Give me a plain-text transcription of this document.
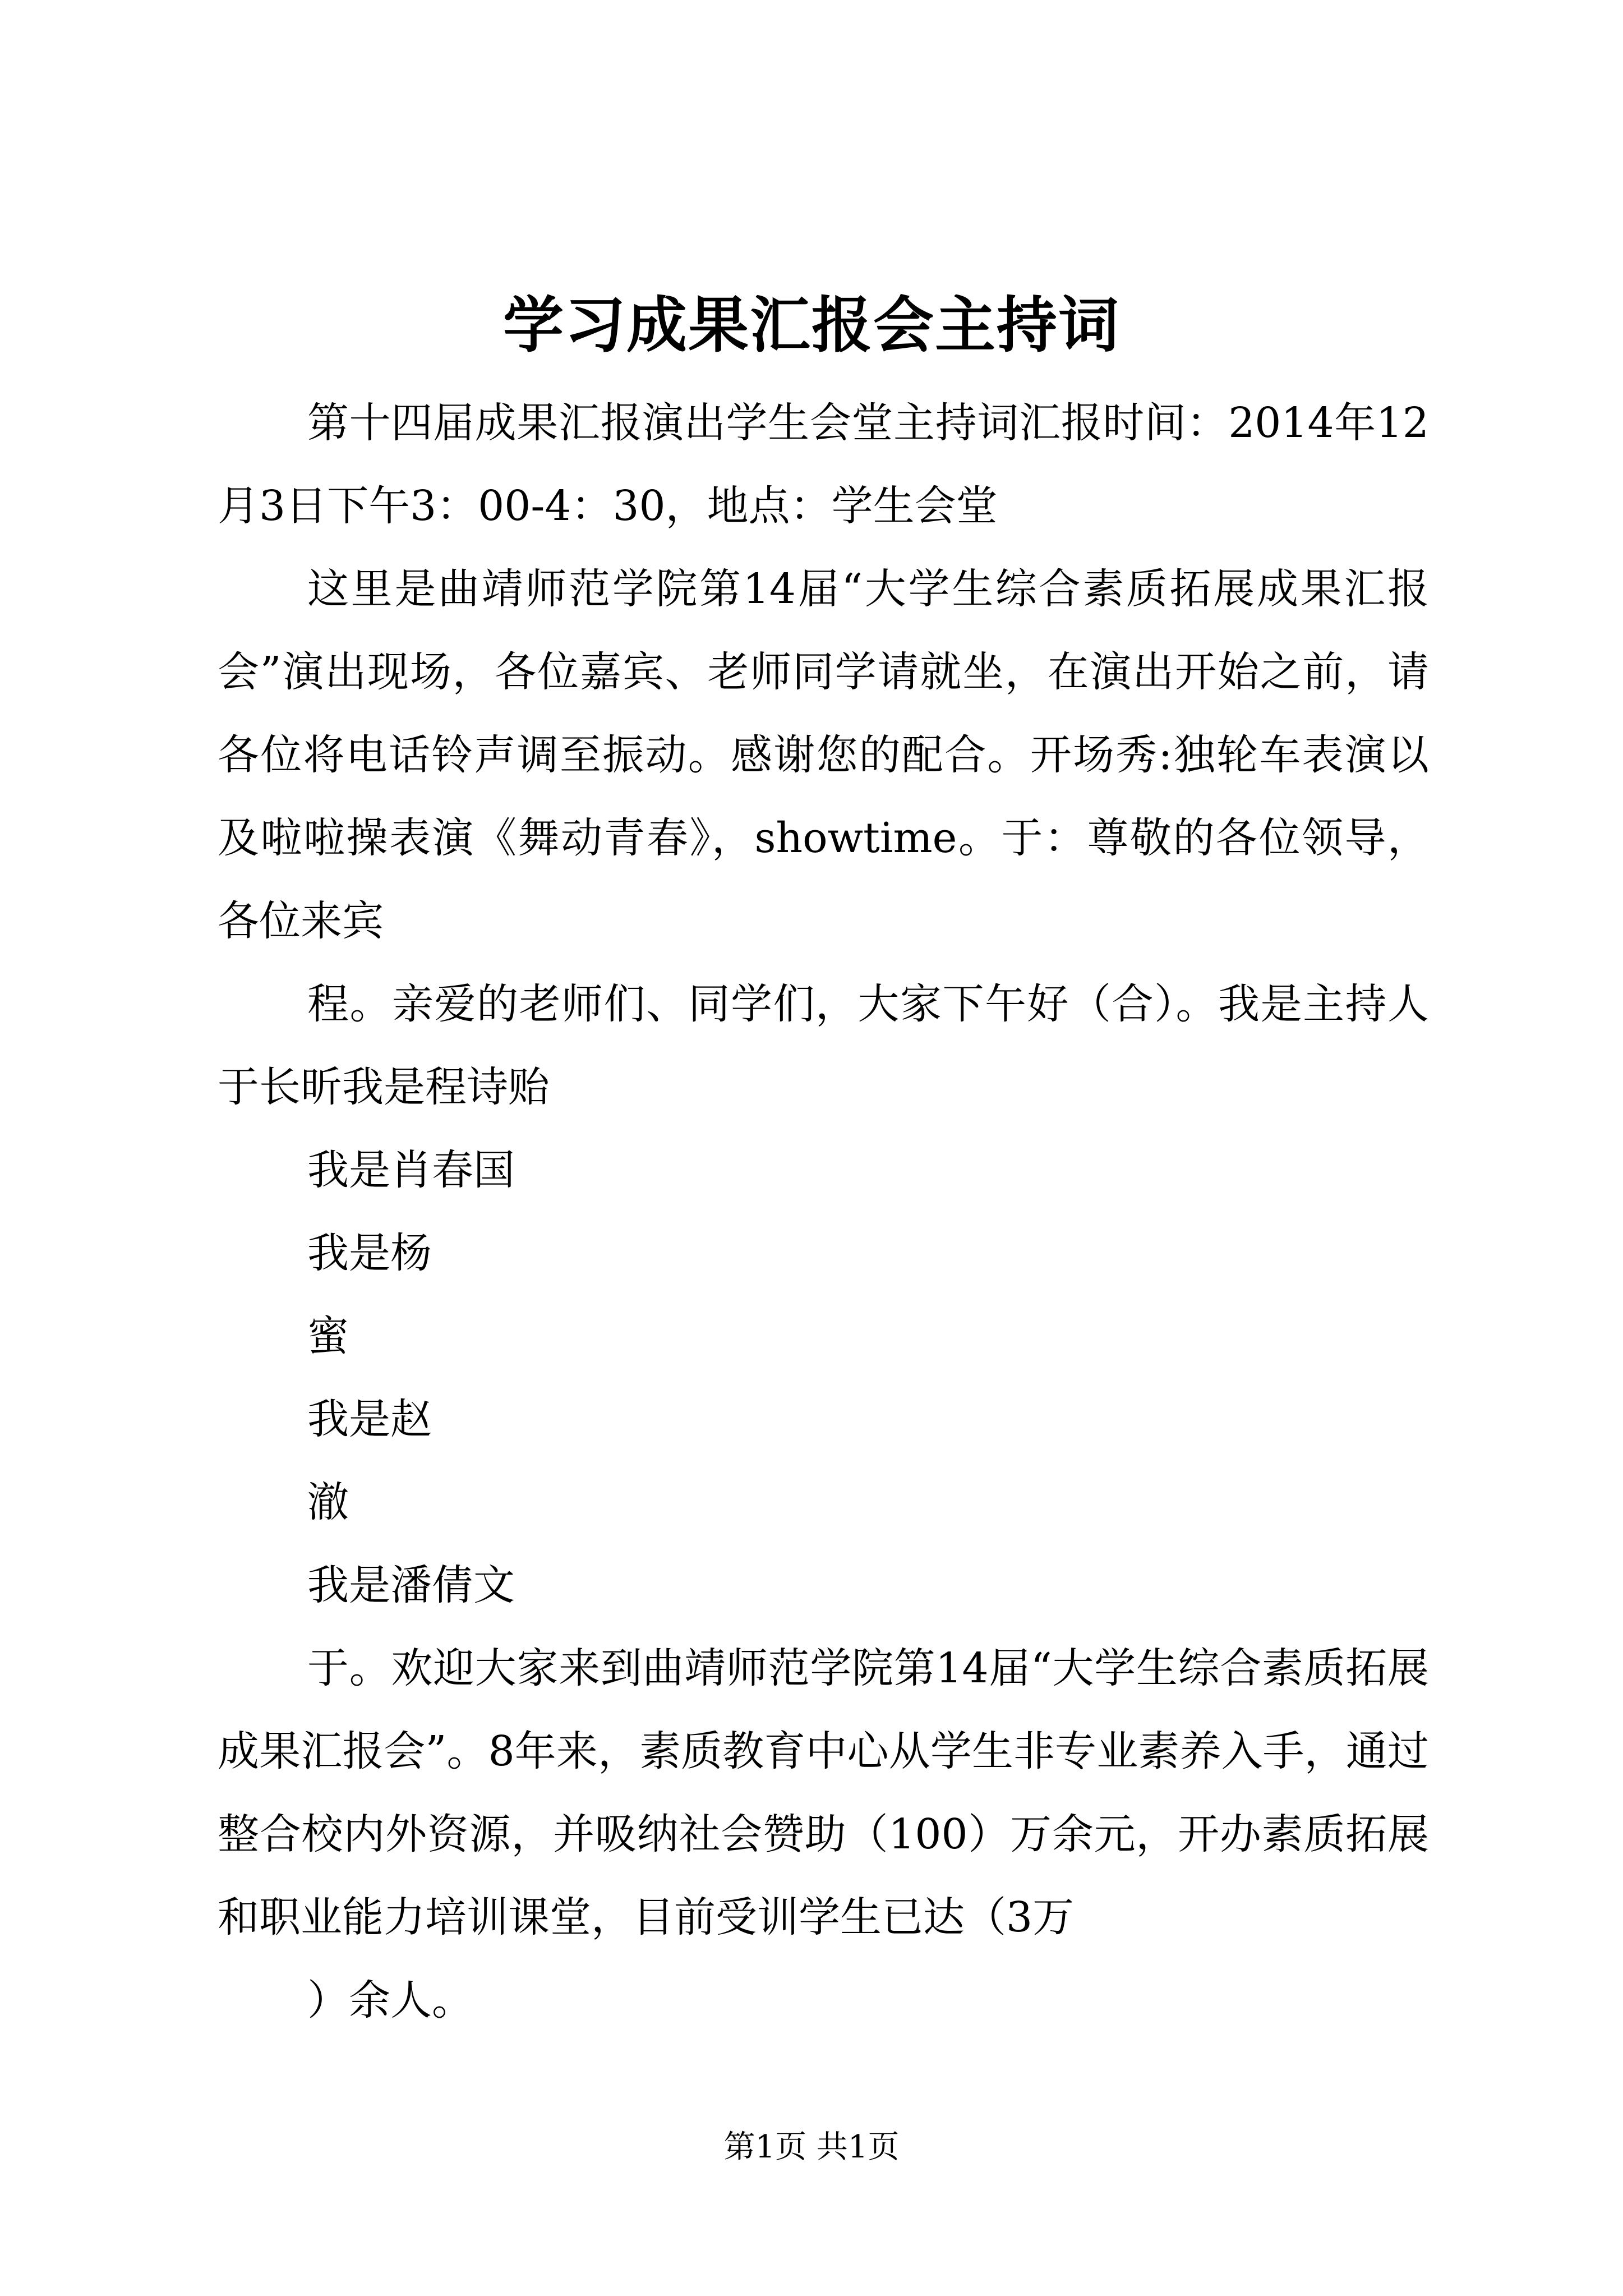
学习成果汇报会主持词

第十四届成果汇报演出学生会堂主持词汇报时间：2014年12月3日下午3：00-4：30，地点：学生会堂

这里是曲靖师范学院第14届“大学生综合素质拓展成果汇报会”演出现场，各位嘉宾、老师同学请就坐，在演出开始之前，请各位将电话铃声调至振动。感谢您的配合。开场秀:独轮车表演以及啦啦操表演《舞动青春》，showtime。于：尊敬的各位领导，各位来宾

程。亲爱的老师们、同学们，大家下午好（合）。我是主持人于长昕我是程诗贻

我是肖春国

我是杨

蜜

我是赵

澈

我是潘倩文

于。欢迎大家来到曲靖师范学院第14届“大学生综合素质拓展成果汇报会”。8年来，素质教育中心从学生非专业素养入手，通过整合校内外资源，并吸纳社会赞助（100）万余元，开办素质拓展和职业能力培训课堂，目前受训学生已达（3万

）余人。

第1页 共1页
